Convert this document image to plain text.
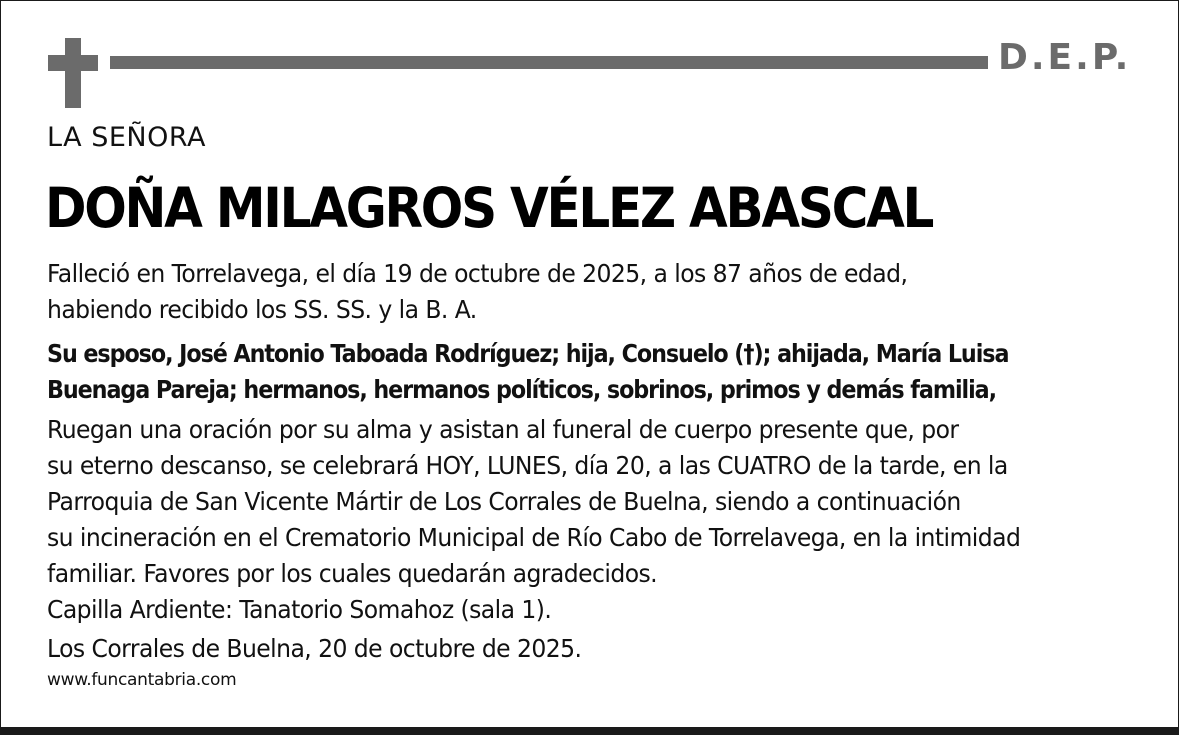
D.E.P.
LA SEÑORA
DOÑA MILAGROS VÉLEZ ABASCAL
Falleció en Torrelavega, el día 19 de octubre de 2025, a los 87 años de edad,
habiendo recibido los SS. SS. y la B. A.
Su esposo, José Antonio Taboada Rodríguez; hija, Consuelo (†); ahijada, María Luisa
Buenaga Pareja; hermanos, hermanos políticos, sobrinos, primos y demás familia,
Ruegan una oración por su alma y asistan al funeral de cuerpo presente que, por
su eterno descanso, se celebrará HOY, LUNES, día 20, a las CUATRO de la tarde, en la
Parroquia de San Vicente Mártir de Los Corrales de Buelna, siendo a continuación
su incineración en el Crematorio Municipal de Río Cabo de Torrelavega, en la intimidad
familiar. Favores por los cuales quedarán agradecidos.
Capilla Ardiente: Tanatorio Somahoz (sala 1).
Los Corrales de Buelna, 20 de octubre de 2025.
www.funcantabria.com
